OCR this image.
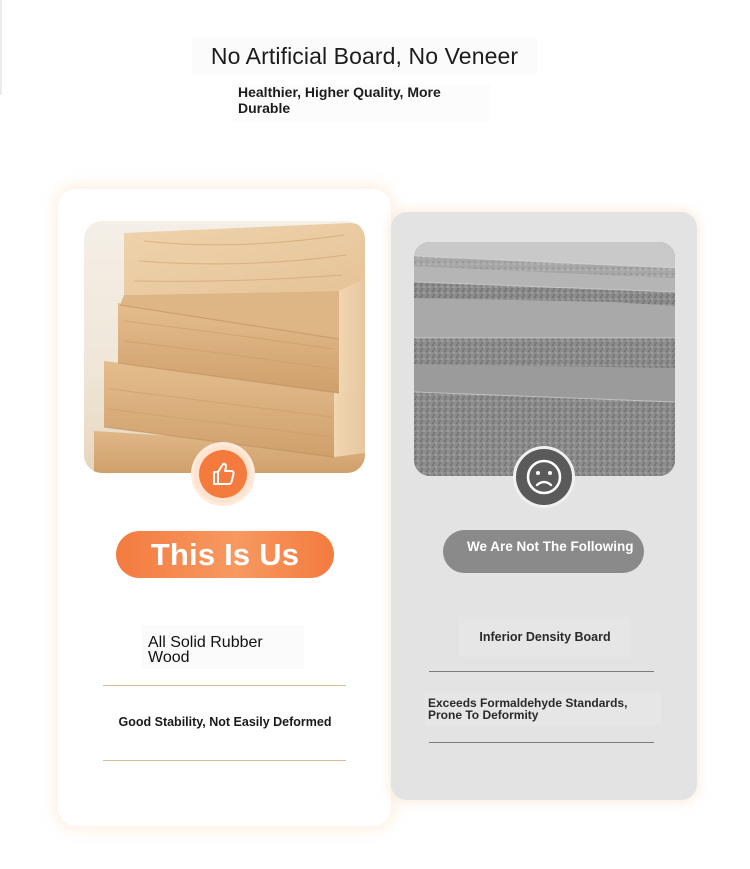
No Artificial Board, No Veneer
Healthier, Higher Quality, More Durable
This Is Us
All Solid Rubber Wood
Good Stability, Not Easily Deformed
We Are Not The Following
Inferior Density Board
Exceeds Formaldehyde Standards, Prone To Deformity
